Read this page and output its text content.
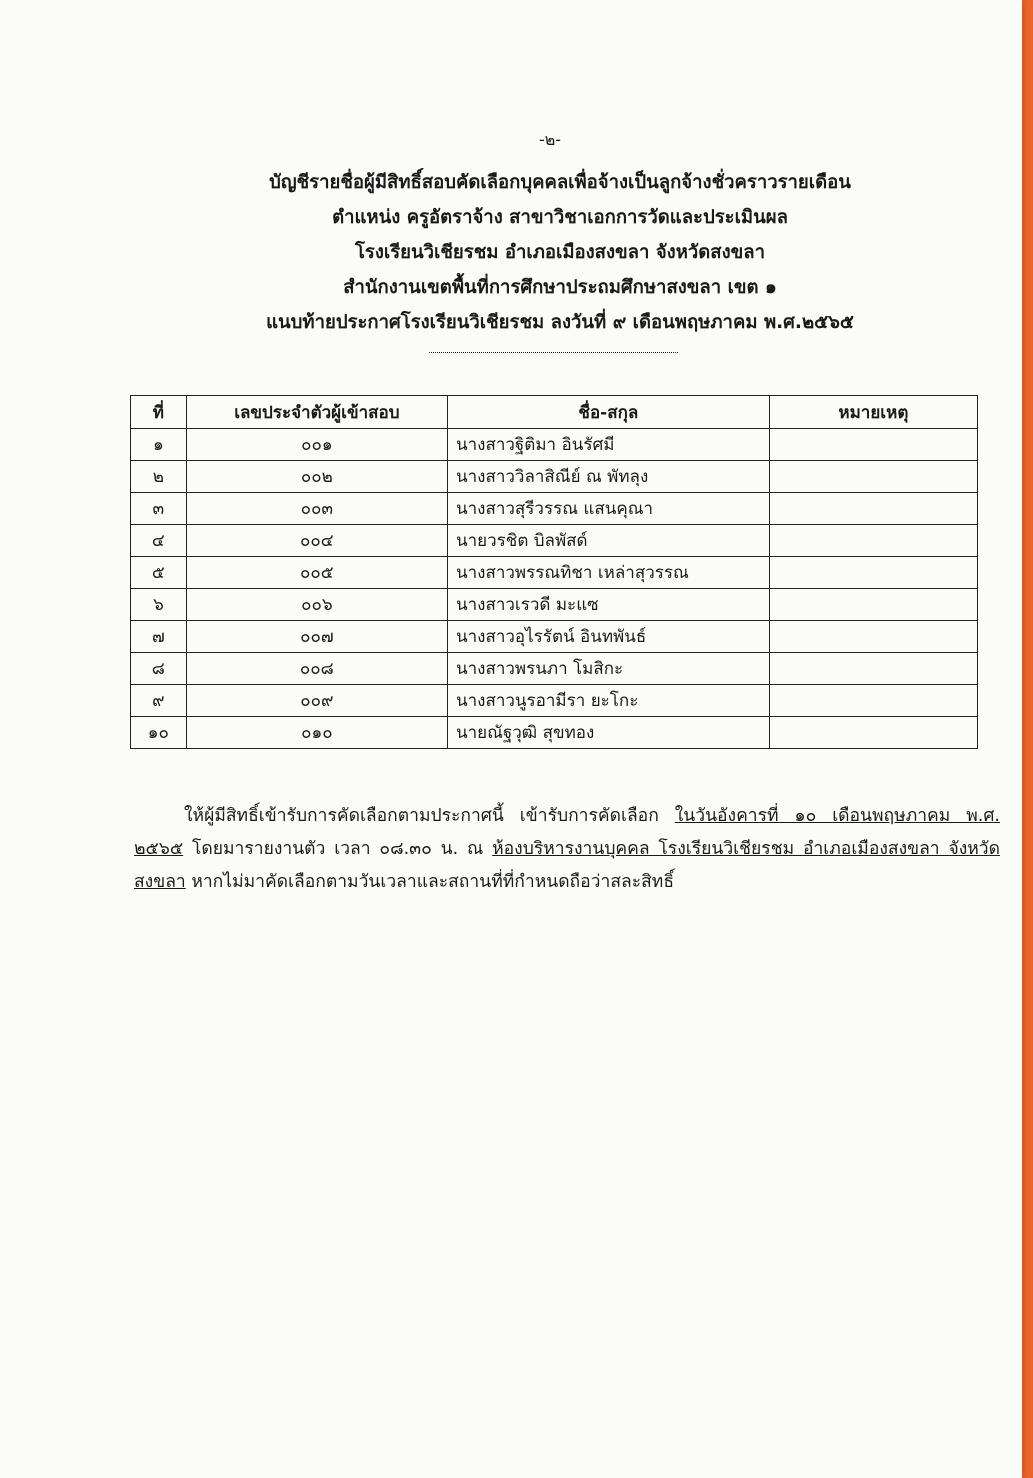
-๒-
บัญชีรายชื่อผู้มีสิทธิ์สอบคัดเลือกบุคคลเพื่อจ้างเป็นลูกจ้างชั่วคราวรายเดือน
ตำแหน่ง ครูอัตราจ้าง สาขาวิชาเอกการวัดและประเมินผล
โรงเรียนวิเชียรชม อำเภอเมืองสงขลา จังหวัดสงขลา
สำนักงานเขตพื้นที่การศึกษาประถมศึกษาสงขลา เขต ๑
แนบท้ายประกาศโรงเรียนวิเชียรชม ลงวันที่ ๙ เดือนพฤษภาคม พ.ศ.๒๕๖๕
ที่	เลขประจำตัวผู้เข้าสอบ	ชื่อ-สกุล	หมายเหตุ
๑	๐๐๑	นางสาวฐิติมา อินรัศมี	
๒	๐๐๒	นางสาววิลาสิณีย์ ณ พัทลุง	
๓	๐๐๓	นางสาวสุรีวรรณ แสนคุณา	
๔	๐๐๔	นายวรชิต บิลพัสด์	
๕	๐๐๕	นางสาวพรรณทิชา เหล่าสุวรรณ	
๖	๐๐๖	นางสาวเรวดี มะแซ	
๗	๐๐๗	นางสาวอุไรรัตน์ อินทพันธ์	
๘	๐๐๘	นางสาวพรนภา โมสิกะ	
๙	๐๐๙	นางสาวนูรอามีรา ยะโกะ	
๑๐	๐๑๐	นายณัฐวุฒิ สุขทอง	

ให้ผู้มีสิทธิ์เข้ารับการคัดเลือกตามประกาศนี้ เข้ารับการคัดเลือก ในวันอังคารที่ ๑๐ เดือนพฤษภาคม พ.ศ. ๒๕๖๕ โดยมารายงานตัว เวลา ๐๘.๓๐ น. ณ ห้องบริหารงานบุคคล โรงเรียนวิเชียรชม อำเภอเมืองสงขลา จังหวัดสงขลา หากไม่มาคัดเลือกตามวันเวลาและสถานที่ที่กำหนดถือว่าสละสิทธิ์
